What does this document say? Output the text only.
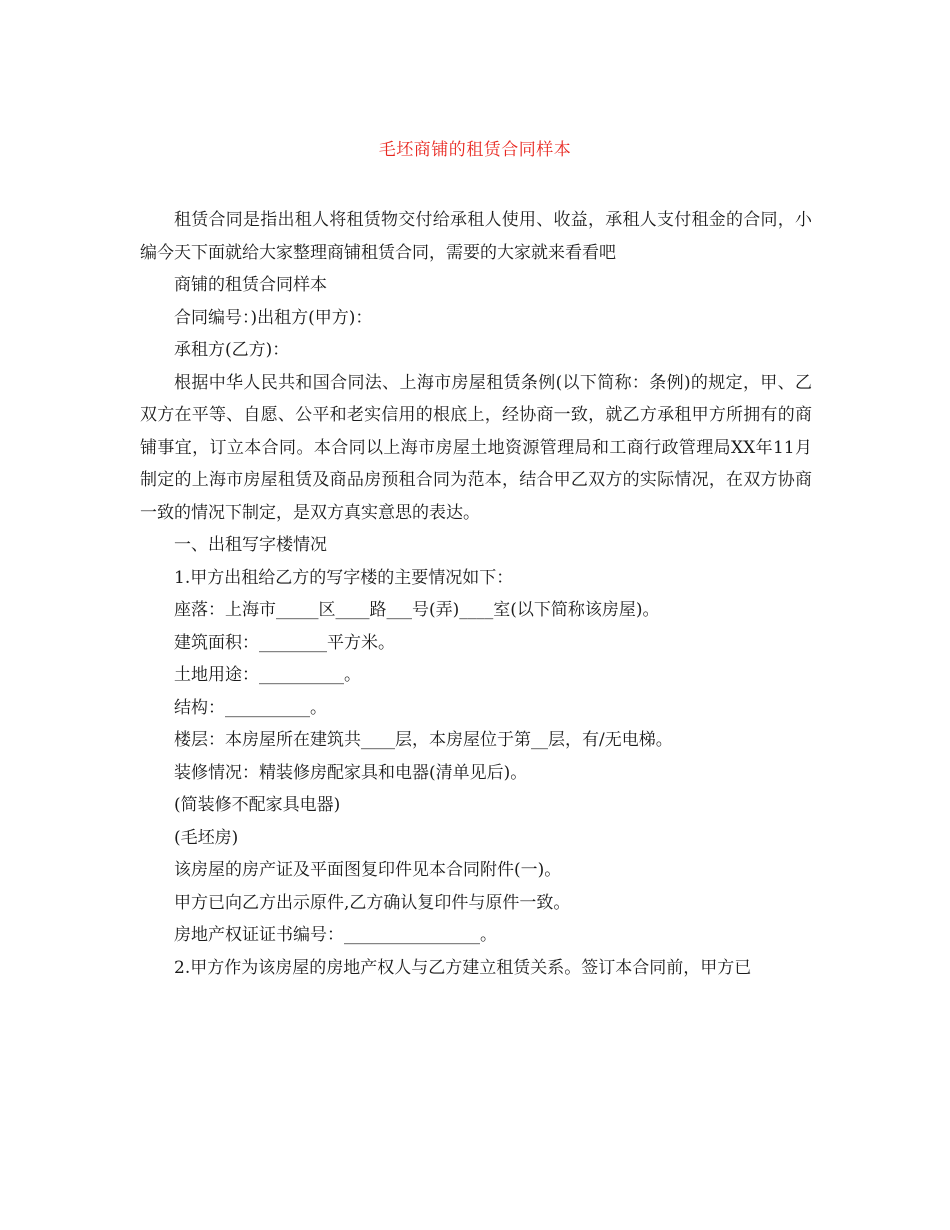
毛坯商铺的租赁合同样本

租赁合同是指出租人将租赁物交付给承租人使用、收益，承租人支付租金的合同，小编今天下面就给大家整理商铺租赁合同，需要的大家就来看看吧

商铺的租赁合同样本

合同编号：)出租方(甲方)：

承租方(乙方)：

根据中华人民共和国合同法、上海市房屋租赁条例(以下简称：条例)的规定，甲、乙双方在平等、自愿、公平和老实信用的根底上，经协商一致，就乙方承租甲方所拥有的商铺事宜，订立本合同。本合同以上海市房屋土地资源管理局和工商行政管理局XX年11月制定的上海市房屋租赁及商品房预租合同为范本，结合甲乙双方的实际情况，在双方协商一致的情况下制定，是双方真实意思的表达。

一、出租写字楼情况

1.甲方出租给乙方的写字楼的主要情况如下：

座落：上海市_____区____路___号(弄)____室(以下简称该房屋)。

建筑面积：________平方米。

土地用途：__________。

结构：__________。

楼层：本房屋所在建筑共____层，本房屋位于第__层，有/无电梯。

装修情况：精装修房配家具和电器(清单见后)。

(简装修不配家具电器)

(毛坯房)

该房屋的房产证及平面图复印件见本合同附件(一)。

甲方已向乙方出示原件,乙方确认复印件与原件一致。

房地产权证证书编号：________________。

2.甲方作为该房屋的房地产权人与乙方建立租赁关系。签订本合同前，甲方已
